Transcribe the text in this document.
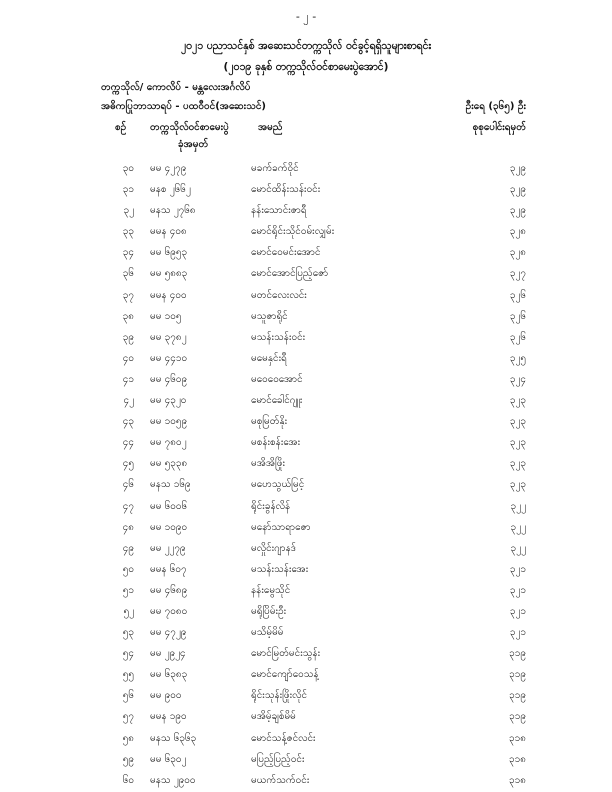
- ၂ -
၂၀၂၁ ပညာသင်နှစ် အဆေးသင်တက္ကသိုလ် ဝင်ခွင့်ရရှိသူများစာရင်း
(၂၀၁၉ ခုနှစ် တက္ကသိုလ်ဝင်စာမေးပွဲအောင်)
တက္ကသိုလ်/ ကောလိပ် - မန္တလေးအင်္ဂလိပ်
အဓိကပြုဘာသာရပ် - ပထဝီဝင်(အဆေးသင်)	ဦးရေ (၃၆၅) ဦး
စဉ် တက္ကသိုလ်ဝင်စာမေးပွဲ
ခုံအမှတ်
အမည်	စုစုပေါင်းရမှတ်
၃၀ မမ ၄၂၇၉	မခက်ခက်ဝိုင်	၃၂၉
၃၁ မနစ ၂၆၆၂	မောင်ထိန်းသန်းဝင်း	၃၂၉
၃၂ မနသ ၂၇၆၈	နန်းသောင်းဇာရီ	၃၂၉
၃၃ မမန ၄၀၈	မောင်ရိုင်းသိုင်ဝမ်းလျှမ်း	၃၂၈
၃၄ မမ ၆၉၅၃	မောင်ဝေမင်းအောင်	၃၂၈
၃၆ မမ ၅၈၈၃	မောင်အောင်ပြည့်ဇော်	၃၂၇
၃၇ မမန ၄၀၀	မတင်လေးလင်း	၃၂၆
၃၈ မမ ၁၀၅	မသူဇာရိုင်	၃၂၆
၃၉ မမ ၃၇၈၂	မသန်းသန်းဝင်း	၃၂၆
၄၀ မမ ၄၄၁၀	မမေနှင်းရီ	၃၂၅
၄၁ မမ ၄၆၀၉	မဝေဝေအောင်	၃၂၄
၄၂ မမ ၄၃၂၀	မောင်ခေါင်ဂျူး	၃၂၃
၄၃ မမ ၁၀၅၉	မစုမြတ်နိုး	၃၂၃
၄၄ မမ ၇၈၀၂	မစန်းစန်းအေး	၃၂၃
၄၅ မမ ၅၃၃၈	မအိအိဖြိုး	၃၂၃
၄၆ မနသ ၁၆၉	မဟေသွယ်မြင့်	၃၂၃
၄၇ မမ ၆၀၀၆	ရိုင်းခွန်လိန်	၃၂၂
၄၈ မမ ၁၀၉၀	မနော်သာရာဇော	၃၂၂
၄၉ မမ ၂၂၇၉	မလှိုင်းဂျာနဒ်	၃၂၂
၅၀ မမန ၆၀၇	မသန်းသန်းအေး	၃၂၁
၅၁ မမ ၄၆၈၉	နန်းမွေသိုင်	၃၂၁
၅၂ မမ ၇၀၈၀	မရိုပြိမ်းဦး	၃၂၁
၅၃ မမ ၄၇၂၉	မသိမ့်မိမ်	၃၂၁
၅၄ မမ ၂၉၂၄	မောင်မြတ်မင်းသွန်း	၃၁၉
၅၅ မမ ၆၃၈၃	မောင်ကျော်ဝေသန့်	၃၁၉
၅၆ မမ ၉၀၀	ရိုင်းသုန်းဖြိုးလိုင်	၃၁၉
၅၇ မမန ၁၉၀	မအိမ့်ချစ်မိမ်	၃၁၉
၅၈ မနသ ၆၃၆၃	မောင်သန့်ဇင်လင်း	၃၁၈
၅၉ မမ ၆၃၀၂	မပြည့်ပြည့်ဝင်း	၃၁၈
၆၀ မနသ ၂၉၀၀	မယက်သက်ဝင်း	၃၁၈
